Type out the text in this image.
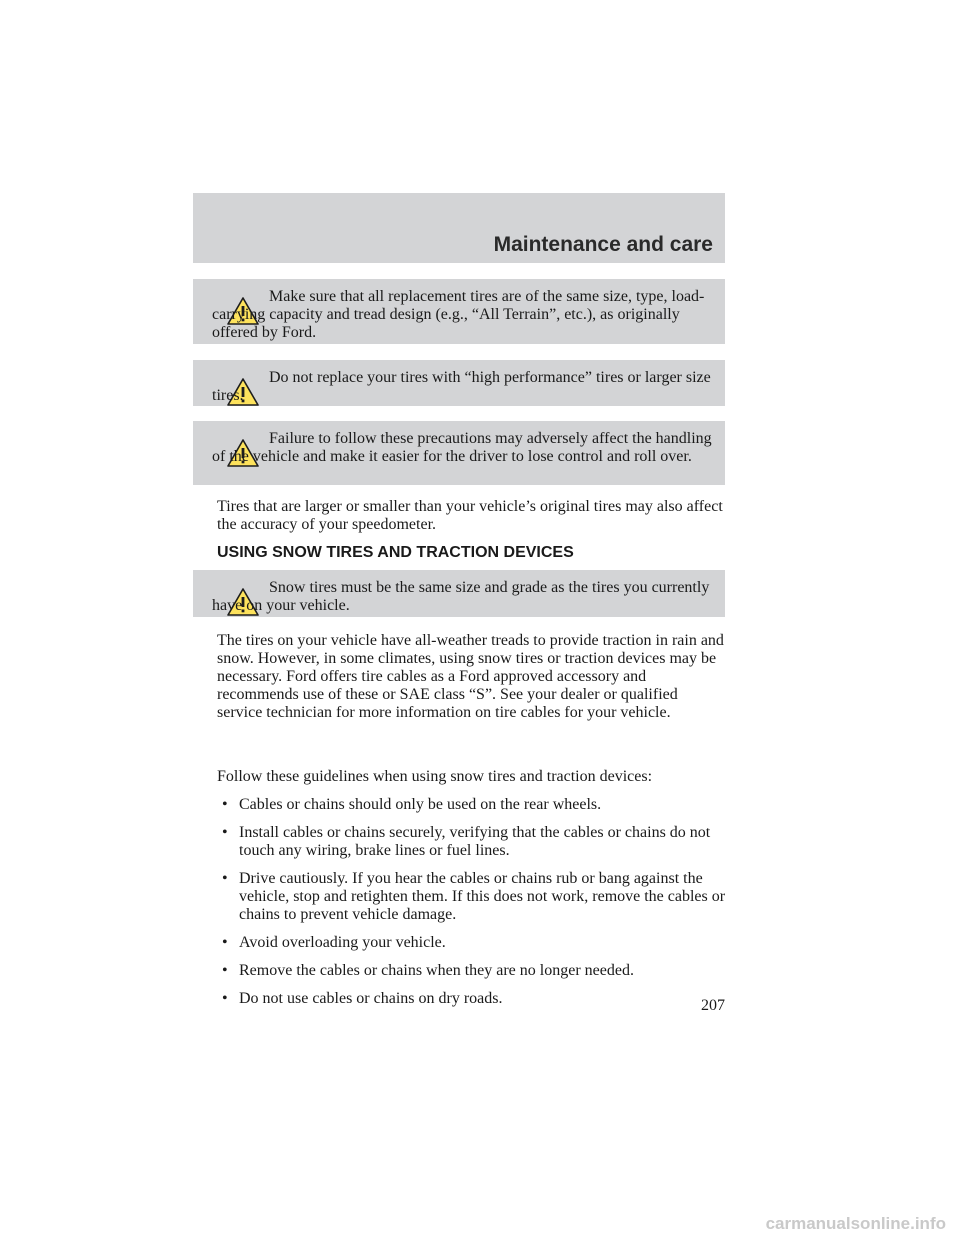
Maintenance and care

Make sure that all replacement tires are of the same size, type, load-carrying capacity and tread design (e.g., “All Terrain”, etc.), as originally offered by Ford.

Do not replace your tires with “high performance” tires or larger size tires.

Failure to follow these precautions may adversely affect the handling of the vehicle and make it easier for the driver to lose control and roll over.

Tires that are larger or smaller than your vehicle’s original tires may also affect the accuracy of your speedometer.

USING SNOW TIRES AND TRACTION DEVICES

Snow tires must be the same size and grade as the tires you currently have on your vehicle.

The tires on your vehicle have all-weather treads to provide traction in rain and snow. However, in some climates, using snow tires or traction devices may be necessary. Ford offers tire cables as a Ford approved accessory and recommends use of these or SAE class “S”. See your dealer or qualified service technician for more information on tire cables for your vehicle.

Follow these guidelines when using snow tires and traction devices:

• Cables or chains should only be used on the rear wheels.
• Install cables or chains securely, verifying that the cables or chains do not touch any wiring, brake lines or fuel lines.
• Drive cautiously. If you hear the cables or chains rub or bang against the vehicle, stop and retighten them. If this does not work, remove the cables or chains to prevent vehicle damage.
• Avoid overloading your vehicle.
• Remove the cables or chains when they are no longer needed.
• Do not use cables or chains on dry roads.	207
carmanualsonline.info
